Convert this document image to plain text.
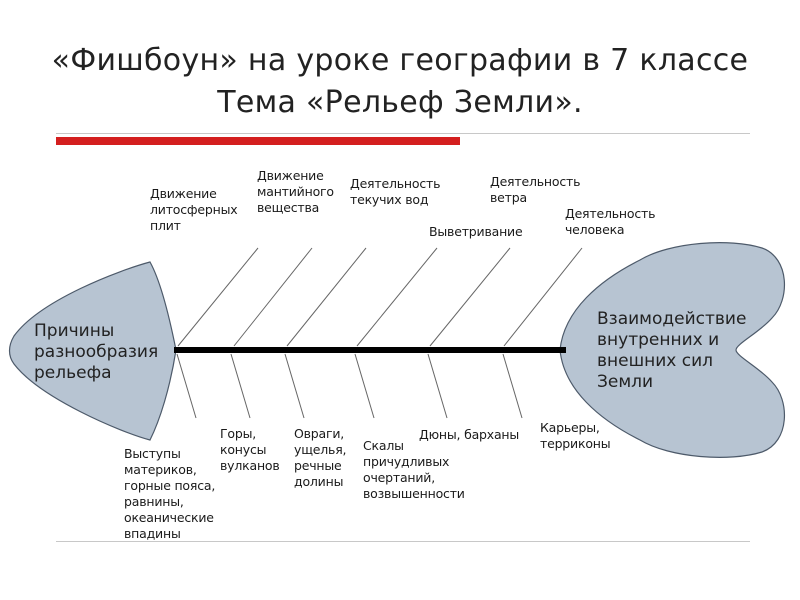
«Фишбоун» на уроке географии в 7 классе
Тема «Рельеф Земли».
Причины
разнообразия
рельефа
Взаимодействие
внутренних и
внешних сил
Земли
Движение
литосферных
плит
Движение
мантийного
вещества
Деятельность
текучих вод
Выветривание
Деятельность
ветра
Деятельность
человека
Выступы
материков,
горные пояса,
равнины,
океанические
впадины
Горы,
конусы
вулканов
Овраги,
ущелья,
речные
долины
Скалы
причудливых
очертаний,
возвышенности
Дюны, барханы Карьеры,
терриконы
